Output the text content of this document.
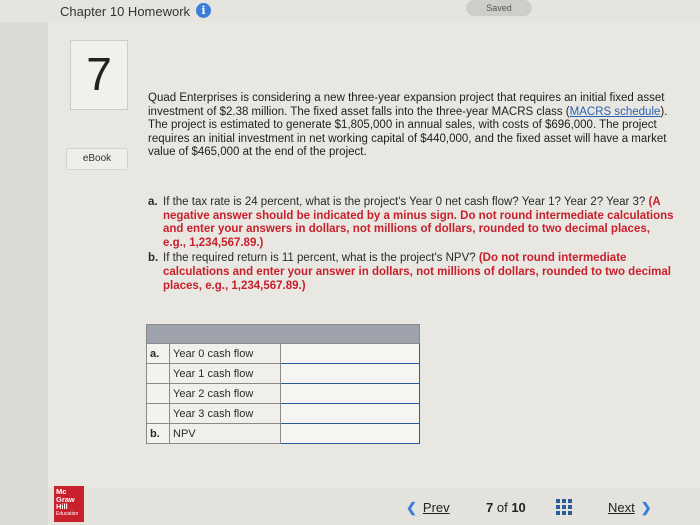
Chapter 10 Homework	i	Saved
7
eBook
Quad Enterprises is considering a new three-year expansion project that requires an initial fixed asset investment of $2.38 million. The fixed asset falls into the three-year MACRS class (MACRS schedule). The project is estimated to generate $1,805,000 in annual sales, with costs of $696,000. The project requires an initial investment in net working capital of $440,000, and the fixed asset will have a market value of $465,000 at the end of the project.
a. If the tax rate is 24 percent, what is the project's Year 0 net cash flow? Year 1? Year 2? Year 3? (A negative answer should be indicated by a minus sign. Do not round intermediate calculations and enter your answers in dollars, not millions of dollars, rounded to two decimal places, e.g., 1,234,567.89.)
b. If the required return is 11 percent, what is the project's NPV? (Do not round intermediate calculations and enter your answer in dollars, not millions of dollars, rounded to two decimal places, e.g., 1,234,567.89.)

a.	Year 0 cash flow	
	Year 1 cash flow	
	Year 2 cash flow	
	Year 3 cash flow	
b.	NPV	
Mc
Graw
Hill
Education	❮ Prev	7 of 10	Next ❯
